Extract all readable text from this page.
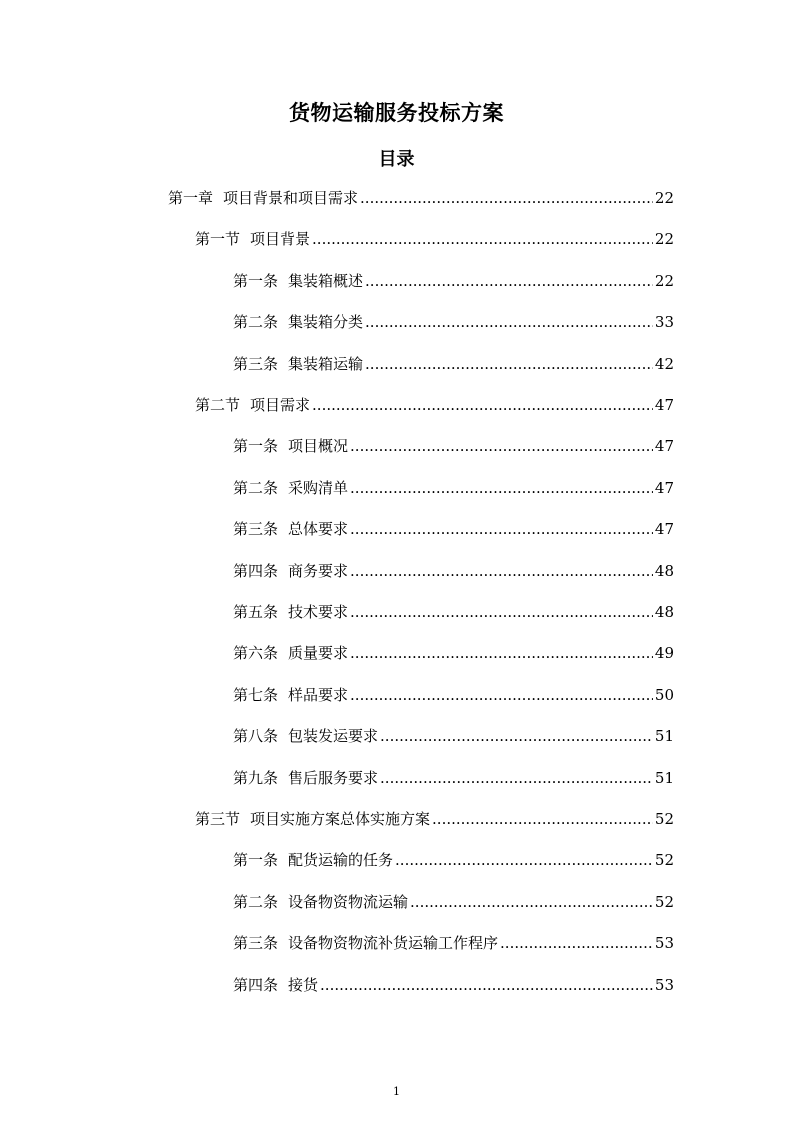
货物运输服务投标方案
目录
第一章 项目背景和项目需求 .....	22
第一节 项目背景 .....	22
第一条 集装箱概述 .....	22
第二条 集装箱分类 .....	33
第三条 集装箱运输 .....	42
第二节 项目需求 .....	47
第一条 项目概况 .....	47
第二条 采购清单 .....	47
第三条 总体要求 .....	47
第四条 商务要求 .....	48
第五条 技术要求 .....	48
第六条 质量要求 .....	49
第七条 样品要求 .....	50
第八条 包装发运要求 .....	51
第九条 售后服务要求 .....	51
第三节 项目实施方案总体实施方案 .....	52
第一条 配货运输的任务 .....	52
第二条 设备物资物流运输 .....	52
第三条 设备物资物流补货运输工作程序 .....	53
第四条 接货 .....	53
1
